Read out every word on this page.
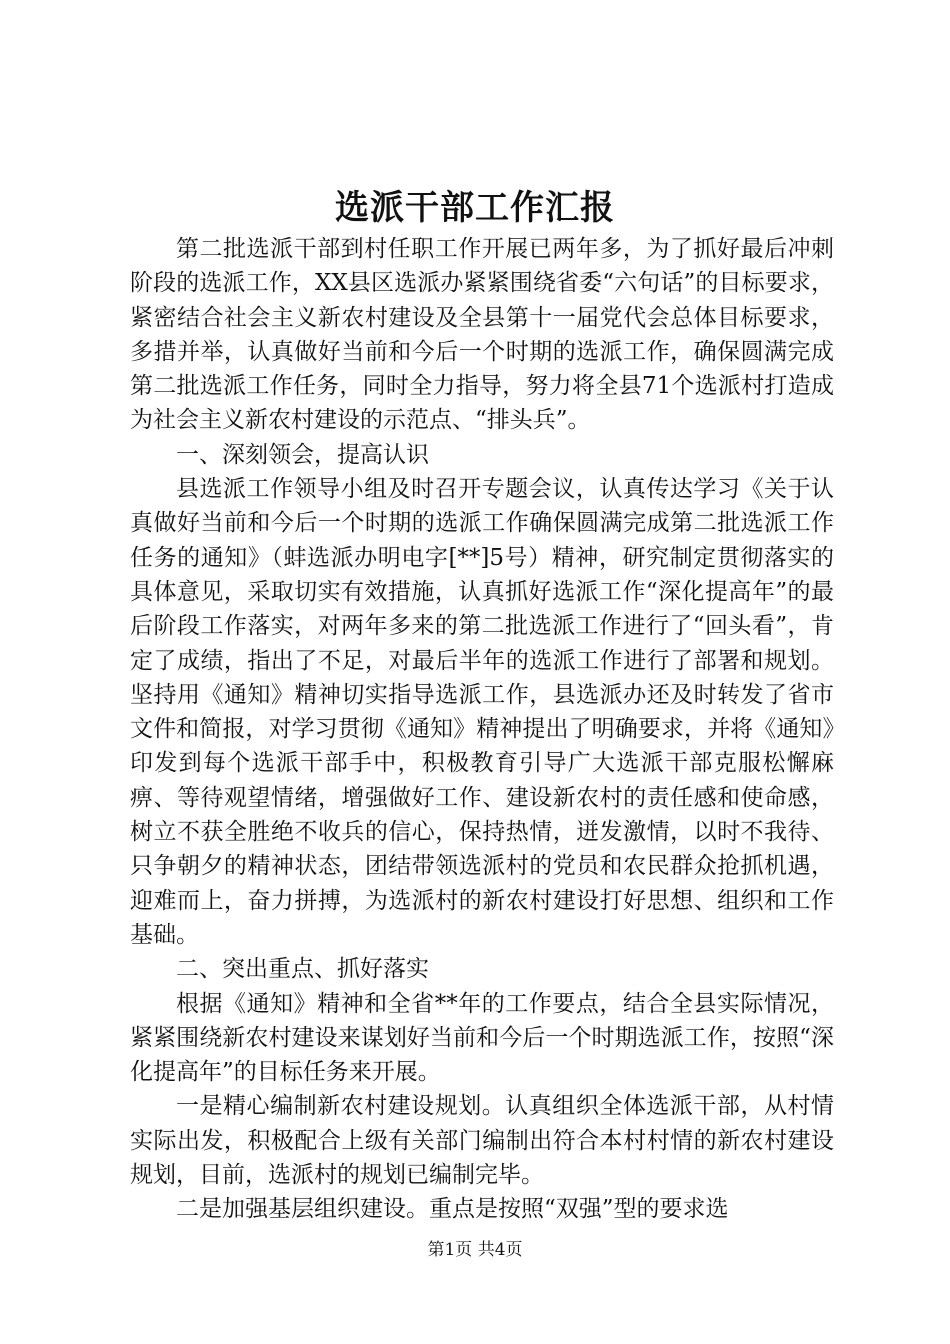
选派干部工作汇报

第二批选派干部到村任职工作开展已两年多，为了抓好最后冲刺阶段的选派工作，XX县区选派办紧紧围绕省委“六句话”的目标要求，紧密结合社会主义新农村建设及全县第十一届党代会总体目标要求，多措并举，认真做好当前和今后一个时期的选派工作，确保圆满完成第二批选派工作任务，同时全力指导，努力将全县71个选派村打造成为社会主义新农村建设的示范点、“排头兵”。

一、深刻领会，提高认识

县选派工作领导小组及时召开专题会议，认真传达学习《关于认真做好当前和今后一个时期的选派工作确保圆满完成第二批选派工作任务的通知》（蚌选派办明电字[**]5号）精神，研究制定贯彻落实的具体意见，采取切实有效措施，认真抓好选派工作“深化提高年”的最后阶段工作落实，对两年多来的第二批选派工作进行了“回头看”，肯定了成绩，指出了不足，对最后半年的选派工作进行了部署和规划。坚持用《通知》精神切实指导选派工作，县选派办还及时转发了省市文件和简报，对学习贯彻《通知》精神提出了明确要求，并将《通知》印发到每个选派干部手中，积极教育引导广大选派干部克服松懈麻痹、等待观望情绪，增强做好工作、建设新农村的责任感和使命感，树立不获全胜绝不收兵的信心，保持热情，迸发激情，以时不我待、只争朝夕的精神状态，团结带领选派村的党员和农民群众抢抓机遇，迎难而上，奋力拼搏，为选派村的新农村建设打好思想、组织和工作基础。

二、突出重点、抓好落实

根据《通知》精神和全省**年的工作要点，结合全县实际情况，紧紧围绕新农村建设来谋划好当前和今后一个时期选派工作，按照“深化提高年”的目标任务来开展。

一是精心编制新农村建设规划。认真组织全体选派干部，从村情实际出发，积极配合上级有关部门编制出符合本村村情的新农村建设规划，目前，选派村的规划已编制完毕。

二是加强基层组织建设。重点是按照“双强”型的要求选

第1页 共4页
